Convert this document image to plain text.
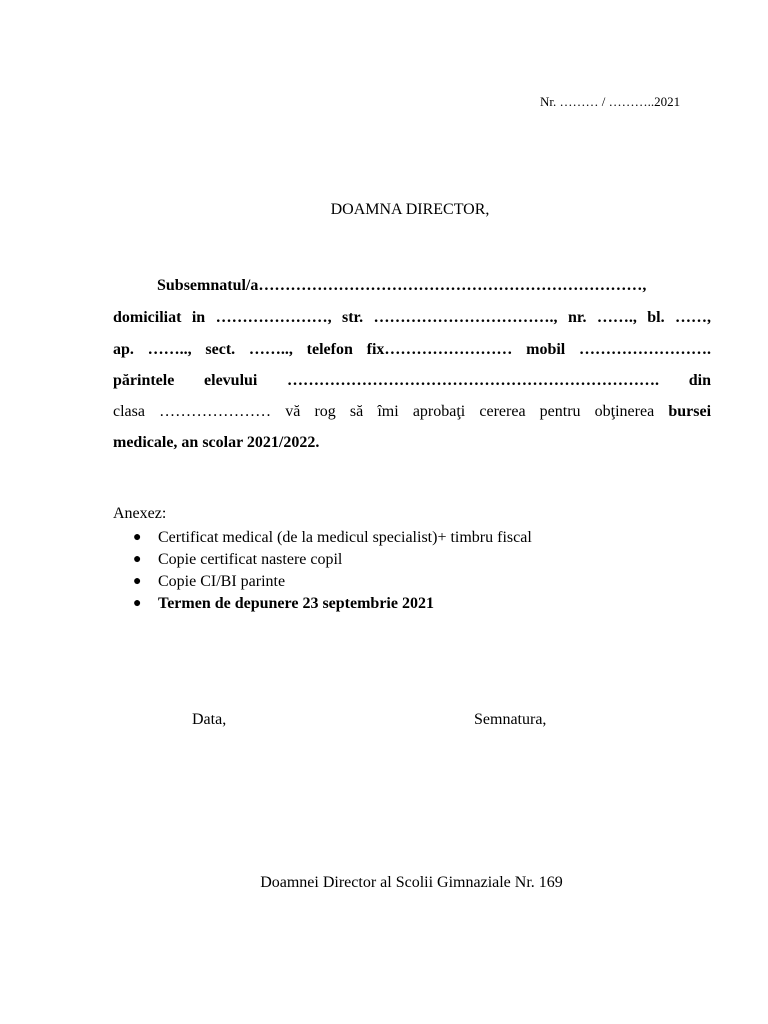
Nr. ……… / ………..2021
DOAMNA DIRECTOR,
Subsemnatul/a………………………………………………………………,
domiciliat in …………………, str. ……………………………., nr. ……., bl. ……,
ap. …….., sect. …….., telefon fix…………………… mobil …………………….
părintele elevului ……………………………………………………………. din
clasa ………………… vă rog să îmi aprobaţi cererea pentru obţinerea bursei
medicale, an scolar 2021/2022.
Anexez:
● Certificat medical (de la medicul specialist)+ timbru fiscal
● Copie certificat nastere copil
● Copie CI/BI parinte
● Termen de depunere 23 septembrie 2021
Data,	Semnatura,
Doamnei Director al Scolii Gimnaziale Nr. 169
